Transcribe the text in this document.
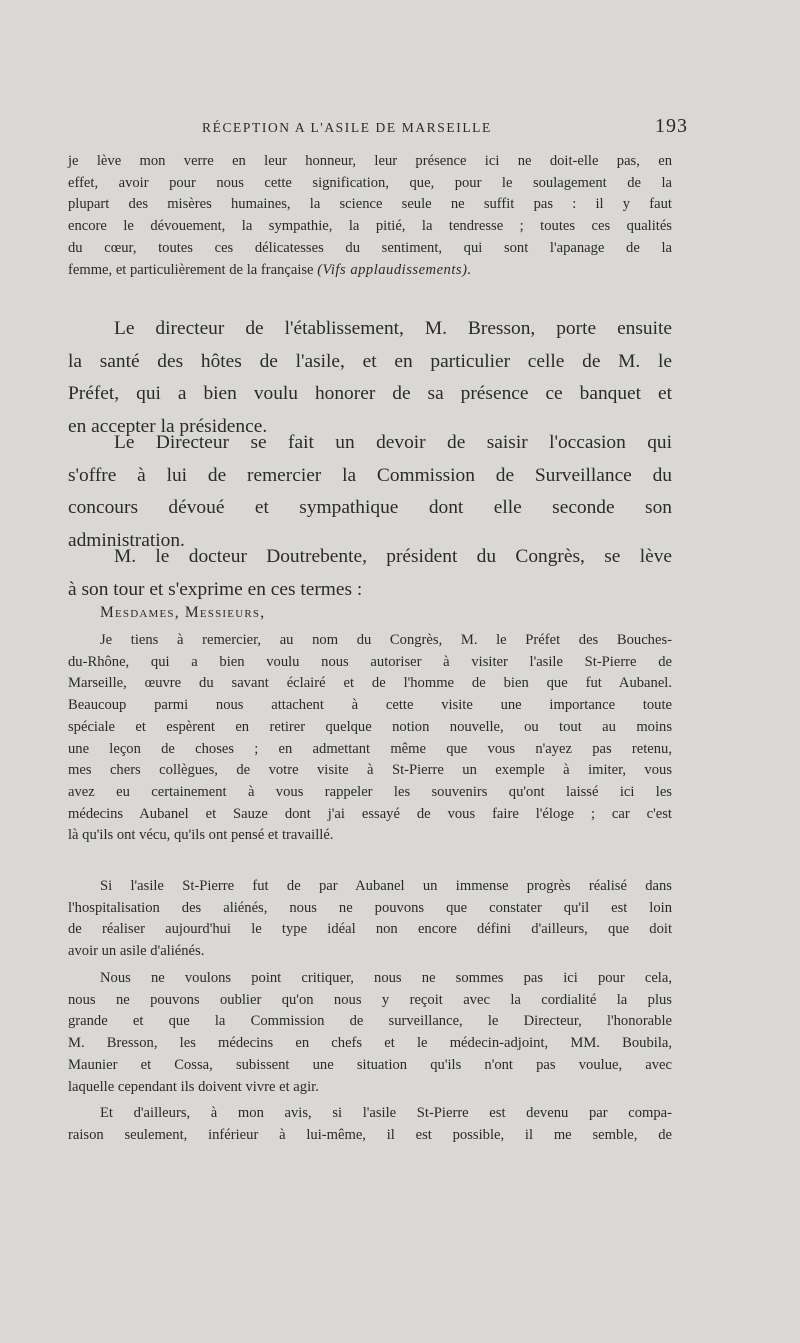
RÉCEPTION A L'ASILE DE MARSEILLE	193
je lève mon verre en leur honneur, leur présence ici ne doit-elle pas, en
effet, avoir pour nous cette signification, que, pour le soulagement de la
plupart des misères humaines, la science seule ne suffit pas : il y faut
encore le dévouement, la sympathie, la pitié, la tendresse ; toutes ces qualités
du cœur, toutes ces délicatesses du sentiment, qui sont l'apanage de la
femme, et particulièrement de la française (Vifs applaudissements).
Le directeur de l'établissement, M. Bresson, porte ensuite
la santé des hôtes de l'asile, et en particulier celle de M. le
Préfet, qui a bien voulu honorer de sa présence ce banquet et
en accepter la présidence.
Le Directeur se fait un devoir de saisir l'occasion qui
s'offre à lui de remercier la Commission de Surveillance du
concours dévoué et sympathique dont elle seconde son
administration.
M. le docteur Doutrebente, président du Congrès, se lève
à son tour et s'exprime en ces termes :
Mesdames, Messieurs,
Je tiens à remercier, au nom du Congrès, M. le Préfet des Bouches-
du-Rhône, qui a bien voulu nous autoriser à visiter l'asile St-Pierre de
Marseille, œuvre du savant éclairé et de l'homme de bien que fut Aubanel.
Beaucoup parmi nous attachent à cette visite une importance toute
spéciale et espèrent en retirer quelque notion nouvelle, ou tout au moins
une leçon de choses ; en admettant même que vous n'ayez pas retenu,
mes chers collègues, de votre visite à St-Pierre un exemple à imiter, vous
avez eu certainement à vous rappeler les souvenirs qu'ont laissé ici les
médecins Aubanel et Sauze dont j'ai essayé de vous faire l'éloge ; car c'est
là qu'ils ont vécu, qu'ils ont pensé et travaillé.
Si l'asile St-Pierre fut de par Aubanel un immense progrès réalisé dans
l'hospitalisation des aliénés, nous ne pouvons que constater qu'il est loin
de réaliser aujourd'hui le type idéal non encore défini d'ailleurs, que doit
avoir un asile d'aliénés.
Nous ne voulons point critiquer, nous ne sommes pas ici pour cela,
nous ne pouvons oublier qu'on nous y reçoit avec la cordialité la plus
grande et que la Commission de surveillance, le Directeur, l'honorable
M. Bresson, les médecins en chefs et le médecin-adjoint, MM. Boubila,
Maunier et Cossa, subissent une situation qu'ils n'ont pas voulue, avec
laquelle cependant ils doivent vivre et agir.
Et d'ailleurs, à mon avis, si l'asile St-Pierre est devenu par compa-
raison seulement, inférieur à lui-même, il est possible, il me semble, de
